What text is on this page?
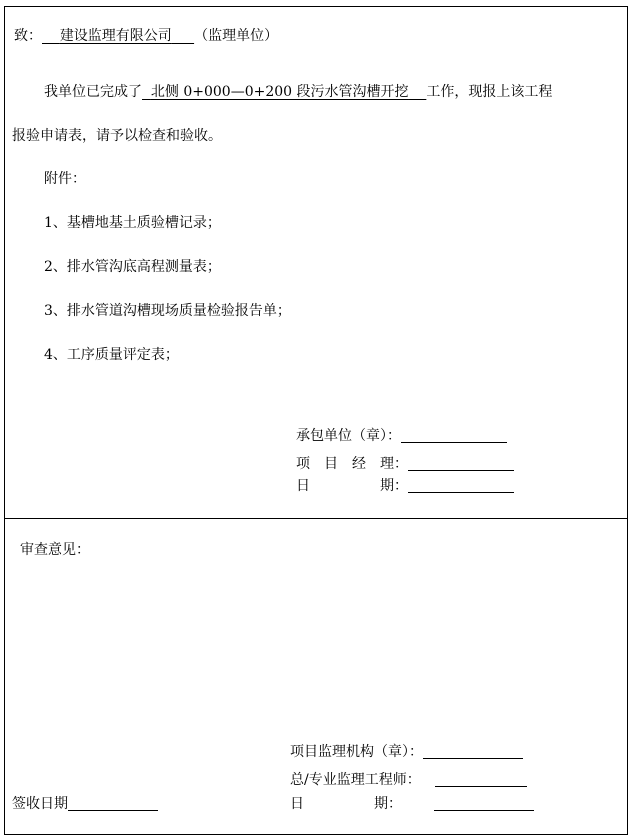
致： 建设监理有限公司 （监理单位）
我单位已完成了 北侧 0+000—0+200 段污水管沟槽开挖 工作，现报上该工程
报验申请表，请予以检查和验收。
附件：
1、基槽地基土质验槽记录；
2、排水管沟底高程测量表；
3、排水管道沟槽现场质量检验报告单；
4、工序质量评定表；
承包单位（章）：
项　目　经　理：
日　　　　　期：
审查意见：
项目监理机构（章）：
总/专业监理工程师：
日　　　　　期：
签收日期
